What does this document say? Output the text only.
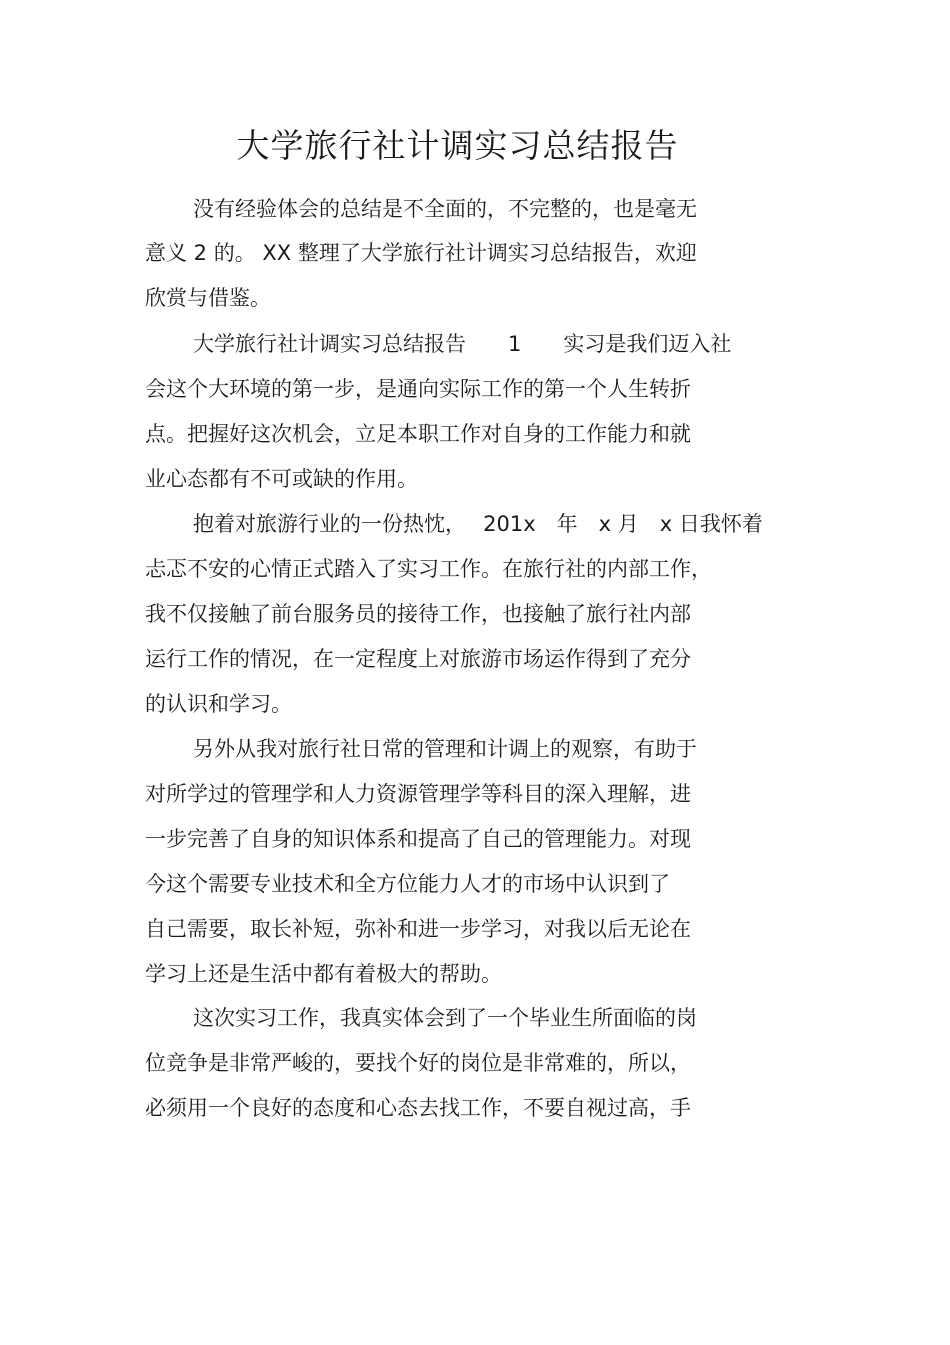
大学旅行社计调实习总结报告
没有经验体会的总结是不全面的，不完整的，也是毫无
意义 2 的。 XX 整理了大学旅行社计调实习总结报告，欢迎
欣赏与借鉴。
大学旅行社计调实习总结报告　　1　　实习是我们迈入社
会这个大环境的第一步，是通向实际工作的第一个人生转折
点。把握好这次机会，立足本职工作对自身的工作能力和就
业心态都有不可或缺的作用。
抱着对旅游行业的一份热忱，　 201x　年　x 月　x 日我怀着
忐忑不安的心情正式踏入了实习工作。在旅行社的内部工作，
我不仅接触了前台服务员的接待工作，也接触了旅行社内部
运行工作的情况，在一定程度上对旅游市场运作得到了充分
的认识和学习。
另外从我对旅行社日常的管理和计调上的观察，有助于
对所学过的管理学和人力资源管理学等科目的深入理解，进
一步完善了自身的知识体系和提高了自己的管理能力。对现
今这个需要专业技术和全方位能力人才的市场中认识到了
自己需要，取长补短，弥补和进一步学习，对我以后无论在
学习上还是生活中都有着极大的帮助。
这次实习工作，我真实体会到了一个毕业生所面临的岗
位竞争是非常严峻的，要找个好的岗位是非常难的，所以，
必须用一个良好的态度和心态去找工作，不要自视过高，手
